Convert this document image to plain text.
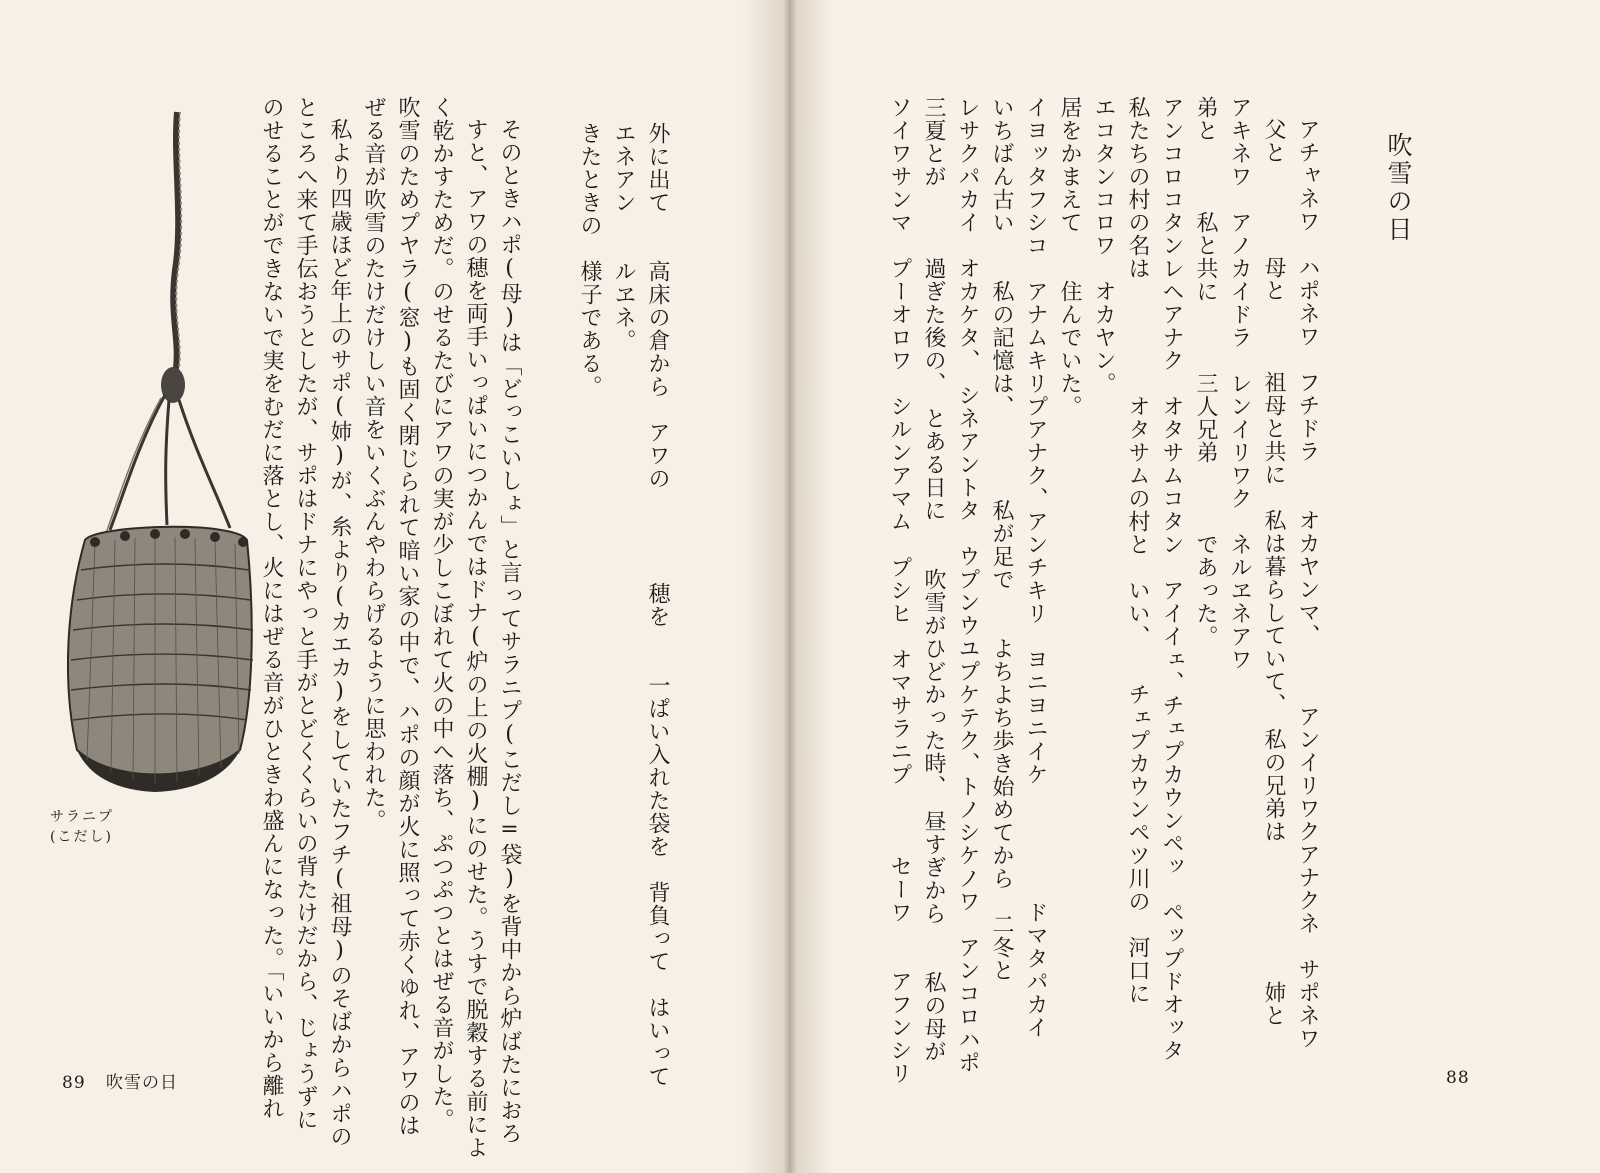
サラニプ
(こだし)	そのときハポ(母)は「どっこいしょ」と言ってサラニプ(こだし=袋)を背中から炉ばたにおろ
すと、アワの穂を両手いっぱいにつかんではドナ(炉の上の火棚)にのせた。うすで脱穀する前によ
く乾かすためだ。のせるたびにアワの実が少しこぼれて火の中へ落ち、ぷつぷつとはぜる音がした。
吹雪のためプヤラ(窓)も固く閉じられて暗い家の中で、ハポの顔が火に照って赤くゆれ、アワのは
ぜる音が吹雪のたけだけしい音をいくぶんやわらげるように思われた。
私より四歳ほど年上のサポ(姉)が、糸より(カエカ)をしていたフチ(祖母)のそばからハポの
ところへ来て手伝おうとしたが、サポはドナにやっと手がとどくくらいの背たけだから、じょうずに
のせることができないで実をむだに落とし、火にはぜる音がひときわ盛んになった。「いいから離れ	外に出て　　高床の倉から　アワの　　　　穂を　　一ぱい入れた袋を　背負って　はいって
エネアン　　ルヱネ。
きたときの　様子である。
89 吹雪の日
吹雪の日
アチャネワ　ハポネワ　フチドラ　　オカヤンマ、　　　アンイリワクアナクネ　サポネワ
父と　　　　母と　　　祖母と共に　私は暮らしていて、　私の兄弟は　　　　　　姉と
アキネワ　アノカイドラ　レンイリワク　ネルヱネアワ
弟と　　　私と共に　　　三人兄弟　　　であった。
アンコロコタンレヘアナク　オタサムコタン　アイイェ、チェプカウンペッ　ペップドオッタ
私たちの村の名は　　　　　オタサムの村と　いい、　　チェプカウンペツ川の　河口に
エコタンコロワ　オカヤン。
居をかまえて　　住んでいた。
イヨッタフシコ　アナムキリプアナク、アンチキリ　ヨニヨニイケ　　　　　ドマタパカイ
いちばん古い　　私の記憶は、　　　　私が足で　　よちよち歩き始めてから　二冬と
レサクパカイ　オカケタ、　シネアントタ　ウプンウユプケテク、トノシケノワ　アンコロハポ
三夏とが　　　過ぎた後の、　とある日に　　吹雪がひどかった時、　昼すぎから　　私の母が
ソイワサンマ　プーオロワ　シルンアマム　プシヒ　オマサラニプ　　　セーワ　　アフンシリ	88
